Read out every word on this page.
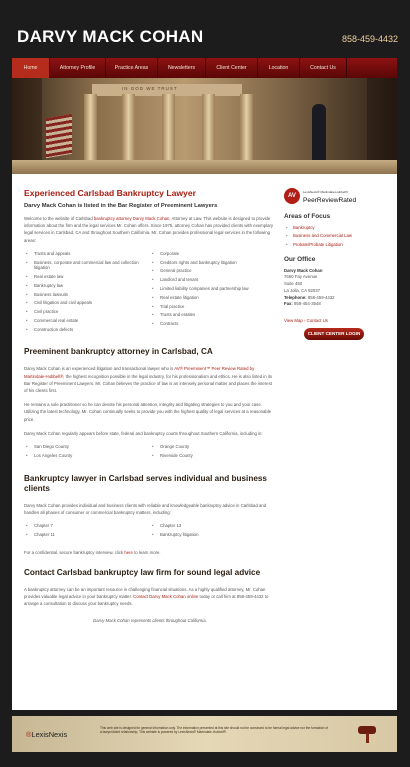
DARVY MACK COHAN	858-459-4432
Home	Attorney Profile	Practice Areas	Newsletters	Client Center	Location	Contact Us
IN GOD WE TRUST
Experienced Carlsbad Bankruptcy Lawyer
Darvy Mack Cohan is listed in the Bar Register of Preeminent Lawyers

Welcome to the website of Carlsbad bankruptcy attorney Darvy Mack Cohan, Attorney at Law. This website is designed to provide information about the firm and the legal services Mr. Cohan offers. Since 1975, attorney Cohan has provided clients with exemplary legal services in Carlsbad, CA and throughout Southern California. Mr. Cohan provides professional legal services in the following areas:

• Trusts and appeals
• Business, corporate and commercial law and collection litigation
• Real estate law
• Bankruptcy law
• Business lawsuits
• Civil litigation and civil appeals
• Civil practice
• Commercial real estate
• Construction defects
• Corporate
• Creditors rights and bankruptcy litigation
• General practice
• Landlord and tenant
• Limited liability companies and partnership law
• Real estate litigation
• Trial practice
• Trusts and estates
• Contracts
Preeminent bankruptcy attorney in Carlsbad, CA

Darvy Mack Cohan is an experienced litigation and transactional lawyer who is AV® Preeminent™ Peer Review Rated by Martindale-Hubbell®, the highest recognition possible in the legal industry, for his professionalism and ethics. He is also listed in its Bar Register of Preeminent Lawyers. Mr. Cohan believes the practice of law is an intensely personal matter and places the interest of his clients first.

He remains a sole practitioner so he can devote his personal attention, integrity and litigating strategies to you and your case. Utilizing the latest technology, Mr. Cohan continually seeks to provide you with the highest quality of legal services at a reasonable price.

Darvy Mack Cohan regularly appears before state, federal and bankruptcy courts throughout Southern California, including in:

• San Diego County
• Los Angeles County
• Orange County
• Riverside County
Bankruptcy lawyer in Carlsbad serves individual and business clients

Darvy Mack Cohan provides individual and business clients with reliable and knowledgeable bankruptcy advice in Carlsbad and handles all phases of consumer or commercial bankruptcy matters, including:

• Chapter 7
• Chapter 11
• Chapter 13
• Bankruptcy litigation

For a confidential, secure bankruptcy interview, click here to learn more.

Contact Carlsbad bankruptcy law firm for sound legal advice

A bankruptcy attorney can be an important resource in challenging financial situations. As a highly qualified attorney, Mr. Cohan provides valuable legal advice in your bankruptcy matter. Contact Darvy Mack Cohan online today or call him at 858-459-4432 to arrange a consultation to discuss your bankruptcy needs.

Darvy Mack Cohan represents clients throughout California.

AV
LexisNexis® Martindale-Hubbell®
PeerReviewRated
Areas of Focus
• Bankruptcy
• Business and Commercial Law
• Probate/Probate Litigation
Our Office

Darvy Mack Cohan

7660 Fay Avenue

Suite 450

La Jolla, CA 92037

Telephone: 858-459-4432

Fax: 858-454-3548

View Map › Contact Us
CLIENT CENTER LOGIN
®LexisNexis
This web site is designed for general information only. The information presented at this site should not be construed to be formal legal advice nor the formation of a lawyer/client relationship. This website is powered by LexisNexis® Martindale-Hubbell®.
